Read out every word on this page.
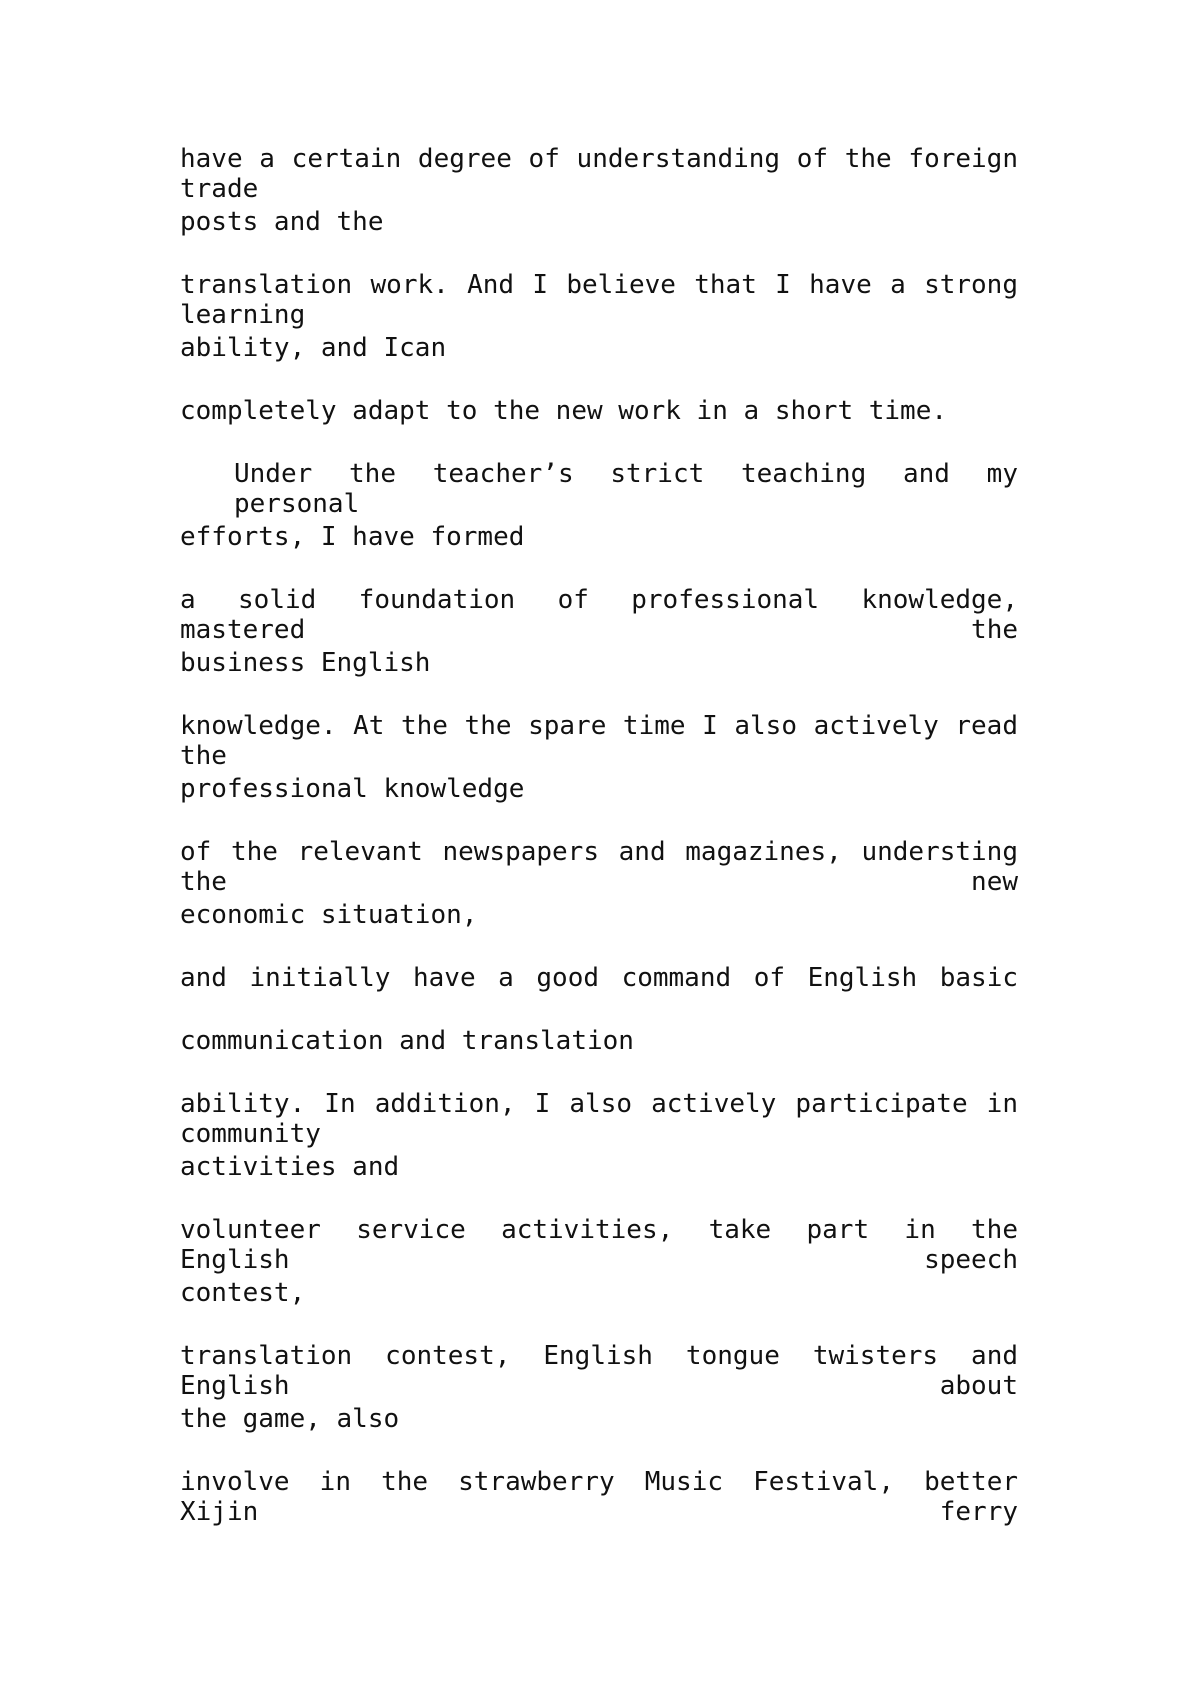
have a certain degree of understanding of the foreign trade
posts and the
translation work. And I believe that I have a strong learning
ability, and Ican
completely adapt to the new work in a short time.
Under the teacher’s strict teaching and my personal
efforts, I have formed
a solid foundation of professional knowledge, mastered the
business English
knowledge. At the the spare time I also actively read the
professional knowledge
of the relevant newspapers and magazines, understing the new
economic situation,
and initially have a good command of English basic
communication and translation
ability. In addition, I also actively participate in community
activities and
volunteer service activities, take part in the English speech
contest,
translation contest, English tongue twisters and English about
the game, also
involve in the strawberry Music Festival, better Xijin ferry
